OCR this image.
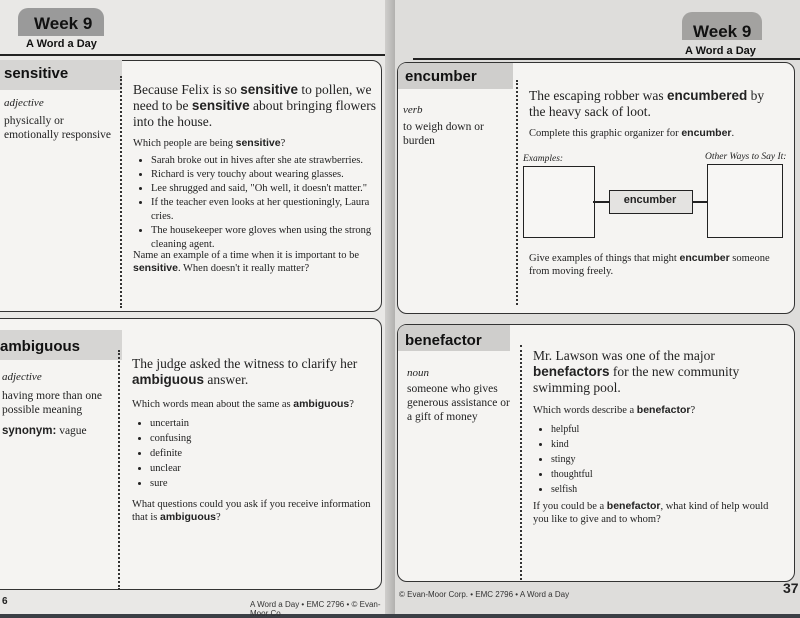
Week 9
A Word a Day
sensitive
adjective
physically or emotionally responsive
Because Felix is so sensitive to pollen, we need to be sensitive about bringing flowers into the house.
Which people are being sensitive?
• Sarah broke out in hives after she ate strawberries.
• Richard is very touchy about wearing glasses.
• Lee shrugged and said, "Oh well, it doesn't matter."
• If the teacher even looks at her questioningly, Laura cries.
• The housekeeper wore gloves when using the strong cleaning agent.
Name an example of a time when it is important to be sensitive. When doesn't it really matter?
ambiguous
adjective
having more than one possible meaning
synonym: vague
The judge asked the witness to clarify her ambiguous answer.
Which words mean about the same as ambiguous?
• uncertain
• confusing
• definite
• unclear
• sure
What questions could you ask if you receive information that is ambiguous?
A Word a Day • EMC 2796 • © Evan-Moor Co
6
Week 9
A Word a Day
encumber
verb
to weigh down or burden
The escaping robber was encumbered by the heavy sack of loot.
Complete this graphic organizer for encumber.
Examples:	Other Ways to Say It:
encumber
Give examples of things that might encumber someone from moving freely.
benefactor
noun
someone who gives generous assistance or a gift of money
Mr. Lawson was one of the major benefactors for the new community swimming pool.
Which words describe a benefactor?
• helpful
• kind
• stingy
• thoughtful
• selfish
If you could be a benefactor, what kind of help would you like to give and to whom?
© Evan-Moor Corp. • EMC 2796 • A Word a Day	37
